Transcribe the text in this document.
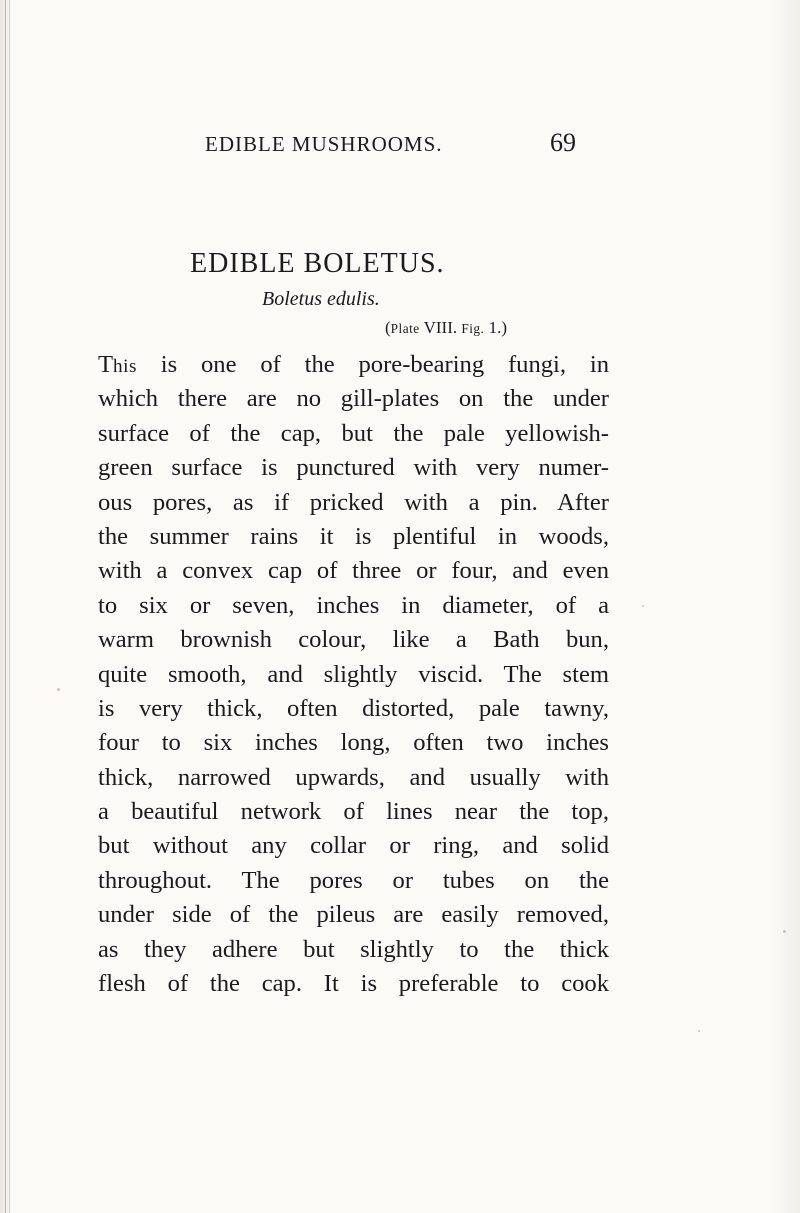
EDIBLE MUSHROOMS.	69
EDIBLE BOLETUS.
Boletus edulis.
(Plate VIII. Fig. 1.)
This is one of the pore-bearing fungi, in
which there are no gill-plates on the under
surface of the cap, but the pale yellowish-
green surface is punctured with very numer-
ous pores, as if pricked with a pin. After
the summer rains it is plentiful in woods,
with a convex cap of three or four, and even
to six or seven, inches in diameter, of a
warm brownish colour, like a Bath bun,
quite smooth, and slightly viscid. The stem
is very thick, often distorted, pale tawny,
four to six inches long, often two inches
thick, narrowed upwards, and usually with
a beautiful network of lines near the top,
but without any collar or ring, and solid
throughout. The pores or tubes on the
under side of the pileus are easily removed,
as they adhere but slightly to the thick
flesh of the cap. It is preferable to cook
